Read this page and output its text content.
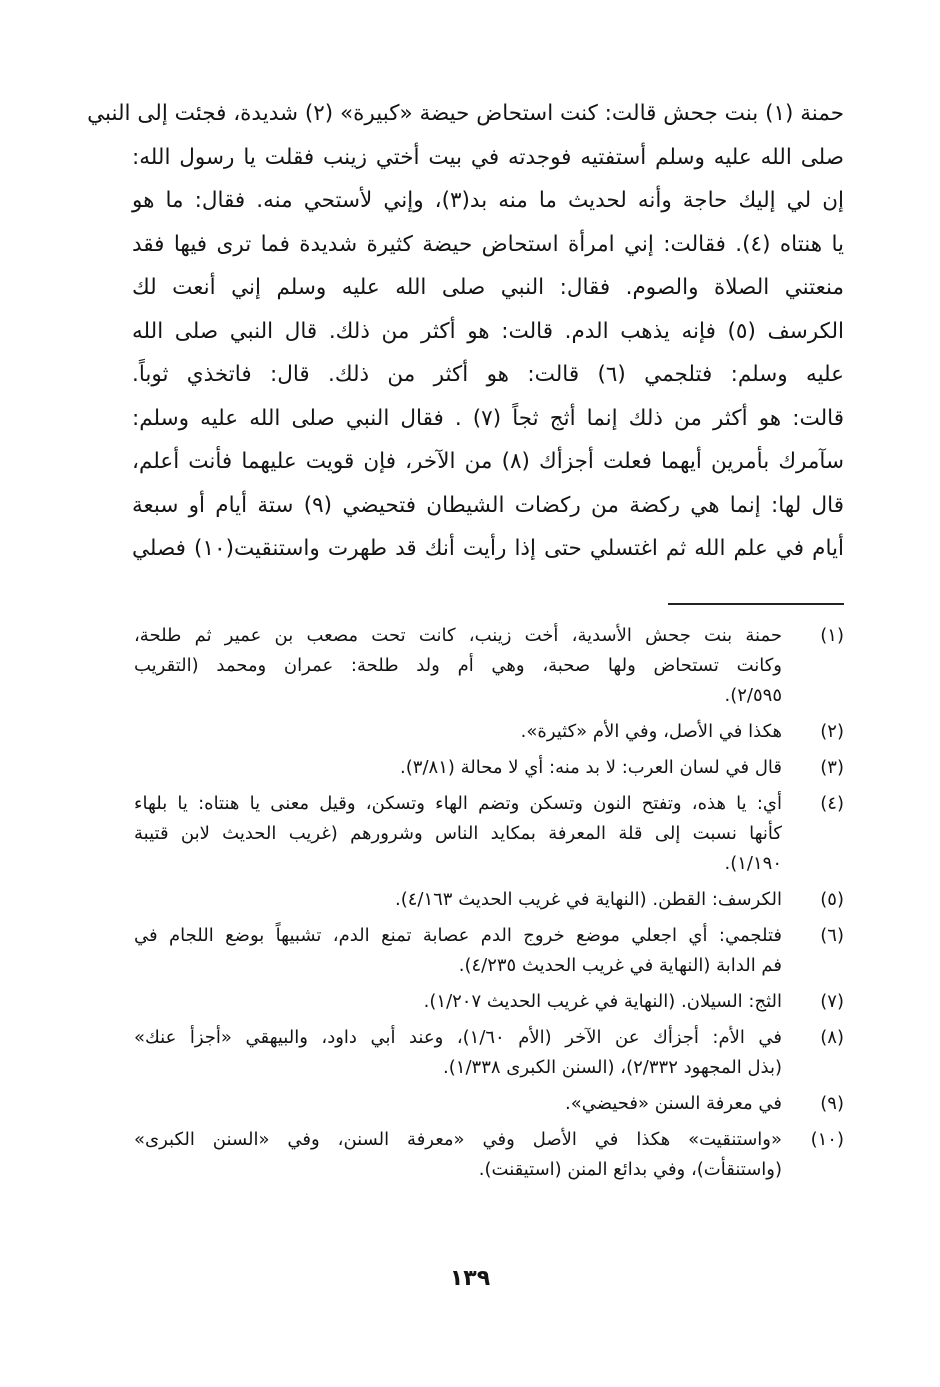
حمنة (١) بنت جحش قالت: كنت استحاض حيضة «كبيرة» (٢) شديدة، فجئت إلى النبي
صلى الله عليه وسلم أستفتيه فوجدته في بيت أختي زينب فقلت يا رسول الله:
إن لي إليك حاجة وأنه لحديث ما منه بد(٣)، وإني لأستحي منه. فقال: ما هو
يا هنتاه (٤). فقالت: إني امرأة استحاض حيضة كثيرة شديدة فما ترى فيها فقد
منعتني الصلاة والصوم. فقال: النبي صلى الله عليه وسلم إني أنعت لك
الكرسف (٥) فإنه يذهب الدم. قالت: هو أكثر من ذلك. قال النبي صلى الله
عليه وسلم: فتلجمي (٦) قالت: هو أكثر من ذلك. قال: فاتخذي ثوباً.
قالت: هو أكثر من ذلك إنما أثج ثجاً (٧) . فقال النبي صلى الله عليه وسلم:
سآمرك بأمرين أيهما فعلت أجزأك (٨) من الآخر، فإن قويت عليهما فأنت أعلم،
قال لها: إنما هي ركضة من ركضات الشيطان فتحيضي (٩) ستة أيام أو سبعة
أيام في علم الله ثم اغتسلي حتى إذا رأيت أنك قد طهرت واستنقيت(١٠) فصلي
(١)
حمنة بنت جحش الأسدية، أخت زينب، كانت تحت مصعب بن عمير ثم طلحة،
وكانت تستحاض ولها صحبة، وهي أم ولد طلحة: عمران ومحمد (التقريب
٢/٥٩٥).
(٢)
هكذا في الأصل، وفي الأم «كثيرة».
(٣)
قال في لسان العرب: لا بد منه: أي لا محالة (٣/٨١).
(٤)
أي: يا هذه، وتفتح النون وتسكن وتضم الهاء وتسكن، وقيل معنى يا هنتاه: يا بلهاء
كأنها نسبت إلى قلة المعرفة بمكايد الناس وشرورهم (غريب الحديث لابن قتيبة
١/١٩٠).
(٥)
الكرسف: القطن. (النهاية في غريب الحديث ٤/١٦٣).
(٦)
فتلجمي: أي اجعلي موضع خروج الدم عصابة تمنع الدم، تشبيهاً بوضع اللجام في
فم الدابة (النهاية في غريب الحديث ٤/٢٣٥).
(٧)
الثج: السيلان. (النهاية في غريب الحديث ١/٢٠٧).
(٨)
في الأم: أجزأك عن الآخر (الأم ١/٦٠)، وعند أبي داود، والبيهقي «أجزأ عنك»
(بذل المجهود ٢/٣٣٢)، (السنن الكبرى ١/٣٣٨).
(٩)
في معرفة السنن «فحيضي».
(١٠)
«واستنقيت» هكذا في الأصل وفي «معرفة السنن، وفي «السنن الكبرى»
(واستنقأت)، وفي بدائع المنن (استيقنت).
١٣٩
